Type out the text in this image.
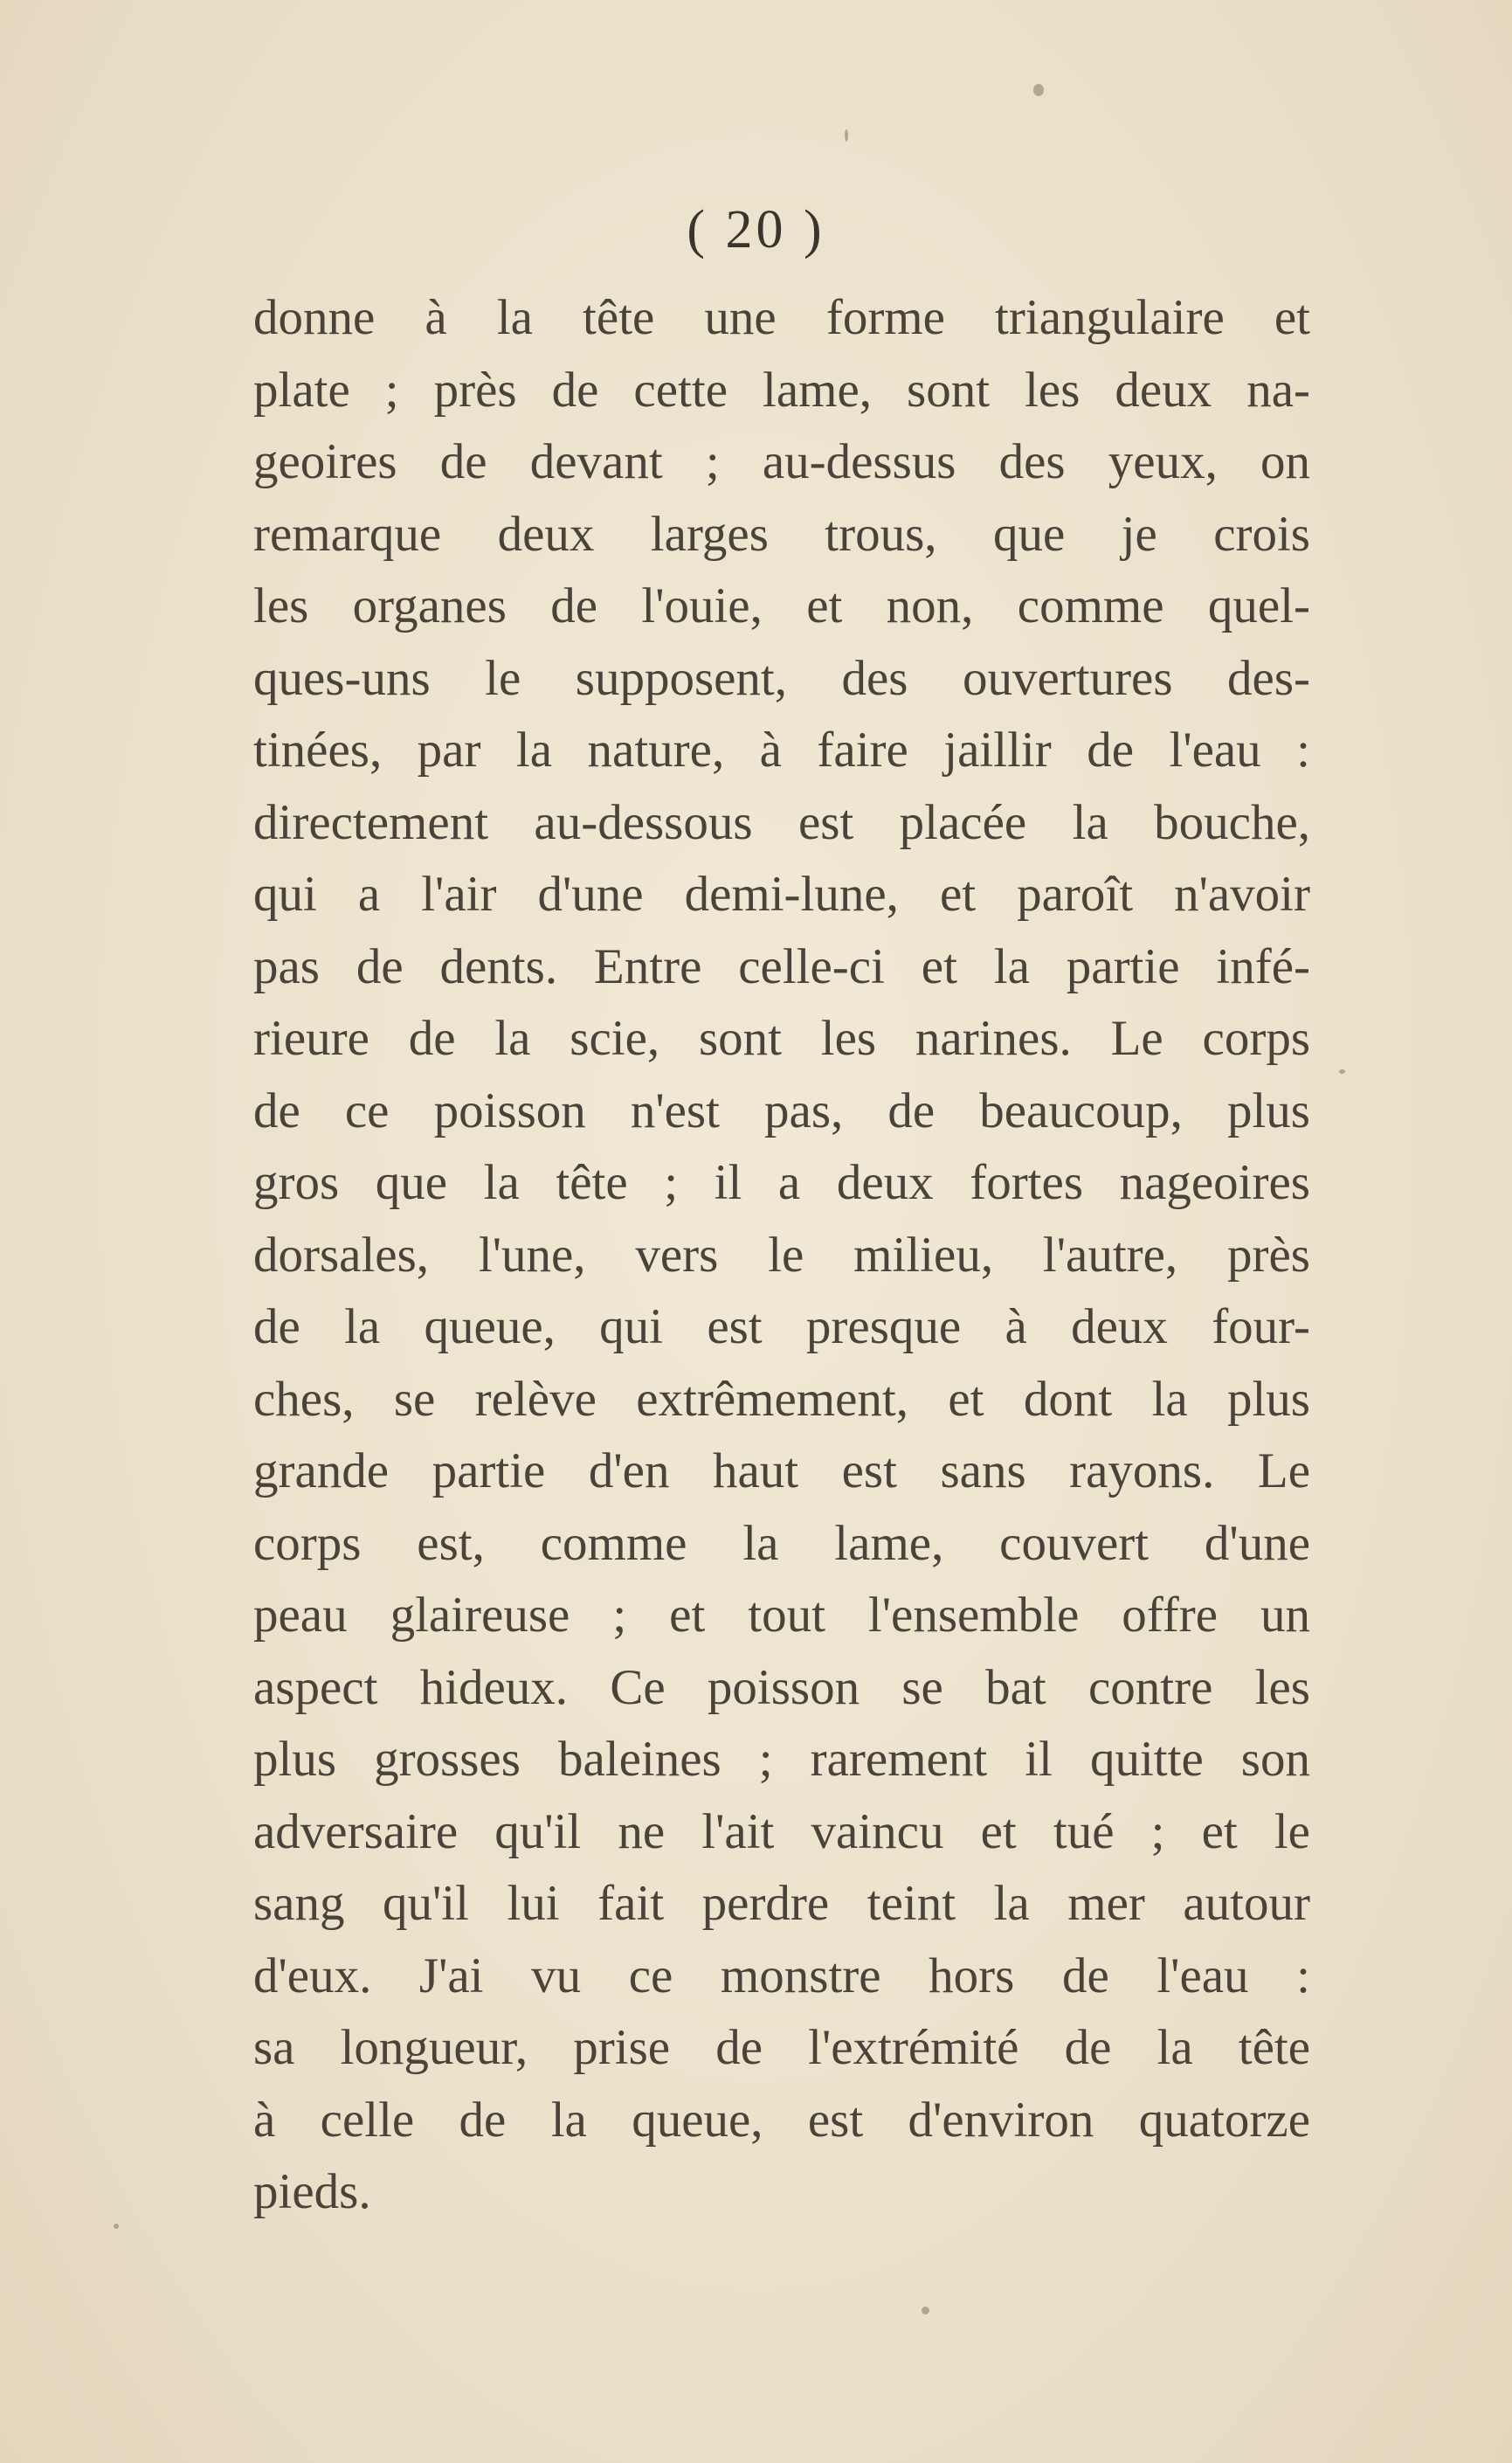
( 20 )
donne à la tête une forme triangulaire et
plate ; près de cette lame, sont les deux na-
geoires de devant ; au-dessus des yeux, on
remarque deux larges trous, que je crois
les organes de l'ouie, et non, comme quel-
ques-uns le supposent, des ouvertures des-
tinées, par la nature, à faire jaillir de l'eau :
directement au-dessous est placée la bouche,
qui a l'air d'une demi-lune, et paroît n'avoir
pas de dents. Entre celle-ci et la partie infé-
rieure de la scie, sont les narines. Le corps
de ce poisson n'est pas, de beaucoup, plus
gros que la tête ; il a deux fortes nageoires
dorsales, l'une, vers le milieu, l'autre, près
de la queue, qui est presque à deux four-
ches, se relève extrêmement, et dont la plus
grande partie d'en haut est sans rayons. Le
corps est, comme la lame, couvert d'une
peau glaireuse ; et tout l'ensemble offre un
aspect hideux. Ce poisson se bat contre les
plus grosses baleines ; rarement il quitte son
adversaire qu'il ne l'ait vaincu et tué ; et le
sang qu'il lui fait perdre teint la mer autour
d'eux. J'ai vu ce monstre hors de l'eau :
sa longueur, prise de l'extrémité de la tête
à celle de la queue, est d'environ quatorze
pieds.
